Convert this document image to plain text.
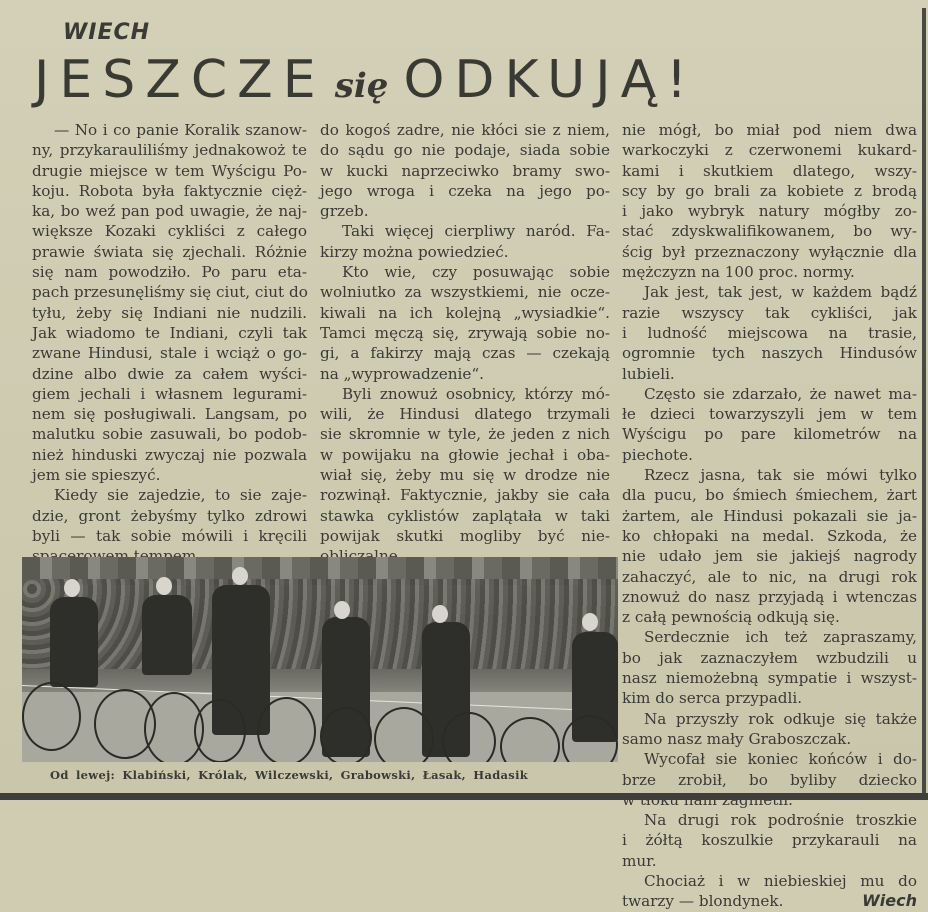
WIECH
JESZCZE się ODKUJĄ!
— No i co panie Koralik szanow-
ny, przykarauliliśmy jednakowoż te
drugie miejsce w tem Wyścigu Po-
koju. Robota była faktycznie cięż-
ka, bo weź pan pod uwagie, że naj-
większe Kozaki cykliści z całego
prawie świata się zjechali. Różnie
się nam powodziło. Po paru eta-
pach przesunęliśmy się ciut, ciut do
tyłu, żeby się Indiani nie nudzili.
Jak wiadomo te Indiani, czyli tak
zwane Hindusi, stale i wciąż o go-
dzine albo dwie za całem wyści-
giem jechali i własnem legurami-
nem się posługiwali. Langsam, po
malutku sobie zasuwali, bo podob-
nież hinduski zwyczaj nie pozwala
jem sie spieszyć.
Kiedy sie zajedzie, to sie zaje-
dzie, gront żebyśmy tylko zdrowi
byli — tak sobie mówili i kręcili
do kogoś zadre, nie kłóci sie z niem,
do sądu go nie podaje, siada sobie
w kucki naprzeciwko bramy swo-
jego wroga i czeka na jego po-
grzeb.
Taki więcej cierpliwy naród. Fa-
kirzy można powiedzieć.
Kto wie, czy posuwając sobie
wolniutko za wszystkiemi, nie ocze-
kiwali na ich kolejną „wysiadkie“.
Tamci męczą się, zrywają sobie no-
gi, a fakirzy mają czas — czekają
na „wyprowadzenie“.
Byli znowuż osobnicy, którzy mó-
wili, że Hindusi dlatego trzymali
sie skromnie w tyle, że jeden z nich
w powijaku na głowie jechał i oba-
wiał się, żeby mu się w drodze nie
rozwinął. Faktycznie, jakby sie cała
stawka cyklistów zaplątała w taki
powijak skutki mogliby być nie-
nie mógł, bo miał pod niem dwa
warkoczyki z czerwonemi kukard-
kami i skutkiem dlatego, wszy-
scy by go brali za kobiete z brodą
i jako wybryk natury mógłby zo-
stać zdyskwalifikowanem, bo wy-
ścig był przeznaczony wyłącznie dla
mężczyzn na 100 proc. normy.
Jak jest, tak jest, w każdem bądź
razie wszyscy tak cykliści, jak
i ludność miejscowa na trasie,
ogromnie tych naszych Hindusów
lubieli.
Często sie zdarzało, że nawet ma-
łe dzieci towarzyszyli jem w tem
Wyścigu po pare kilometrów na
piechote.
Rzecz jasna, tak sie mówi tylko
dla pucu, bo śmiech śmiechem, żart
żartem, ale Hindusi pokazali sie ja-
ko chłopaki na medal. Szkoda, że
nie udało jem sie jakiejś nagrody
zahaczyć, ale to nic, na drugi rok
znowuż do nasz przyjadą i wtenczas
z całą pewnością odkują się.
Serdecznie ich też zapraszamy,
bo jak zaznaczyłem wzbudzili u
nasz niemożebną sympatie i wszyst-
kim do serca przypadli.
Na przyszły rok odkuje się także
samo nasz mały Graboszczak.
Wycofał sie koniec końców i do-
brze zrobił, bo byliby dziecko
Na drugi rok podrośnie troszkie
i żółtą koszulkie przykarauli na
mur.
Chociaż i w niebieskiej mu do
twarzy — blondynek.	Wiech
Od lewej: Klabiński, Królak, Wilczewski, Grabowski, Łasak, Hadasik
